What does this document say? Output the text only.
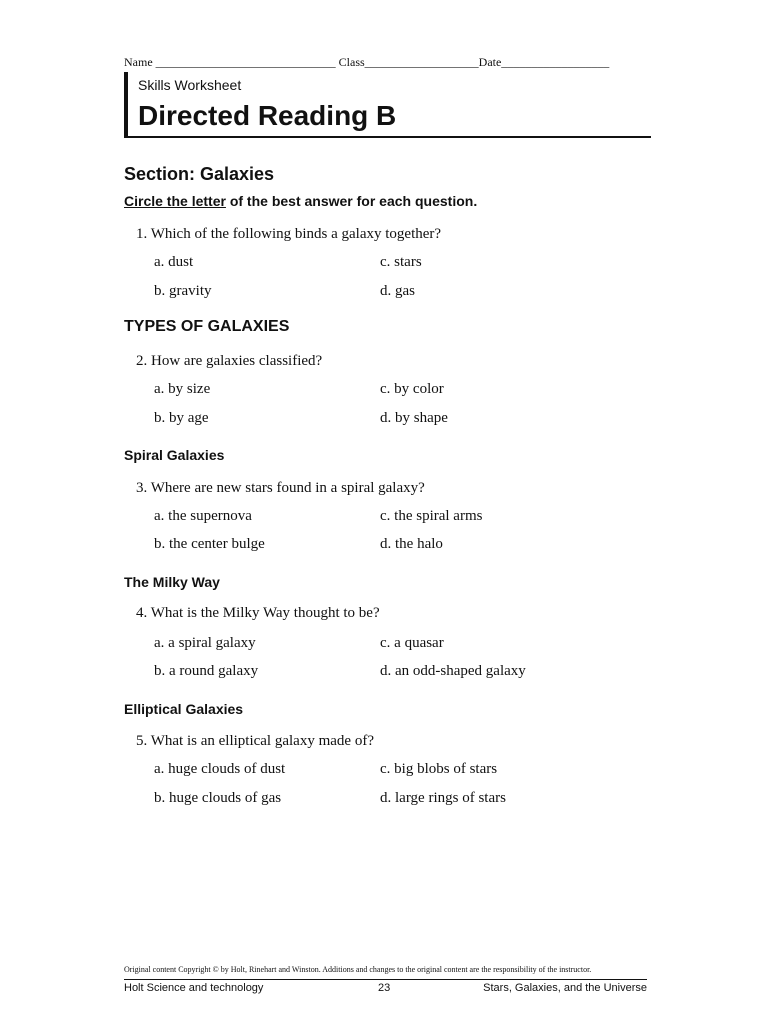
Name ______________________________ Class___________________Date__________________
Skills Worksheet
Directed Reading B
Section: Galaxies
Circle the letter of the best answer for each question.
1. Which of the following binds a galaxy together?
a. dust	c. stars
b. gravity	d. gas
TYPES OF GALAXIES
2. How are galaxies classified?
a. by size	c. by color
b. by age	d. by shape
Spiral Galaxies
3. Where are new stars found in a spiral galaxy?
a. the supernova	c. the spiral arms
b. the center bulge	d. the halo
The Milky Way
4. What is the Milky Way thought to be?
a. a spiral galaxy	c. a quasar
b. a round galaxy	d. an odd-shaped galaxy
Elliptical Galaxies
5. What is an elliptical galaxy made of?
a. huge clouds of dust	c. big blobs of stars
b. huge clouds of gas	d. large rings of stars
Original content Copyright © by Holt, Rinehart and Winston. Additions and changes to the original content are the responsibility of the instructor.
Holt Science and technology	23	Stars, Galaxies, and the Universe
